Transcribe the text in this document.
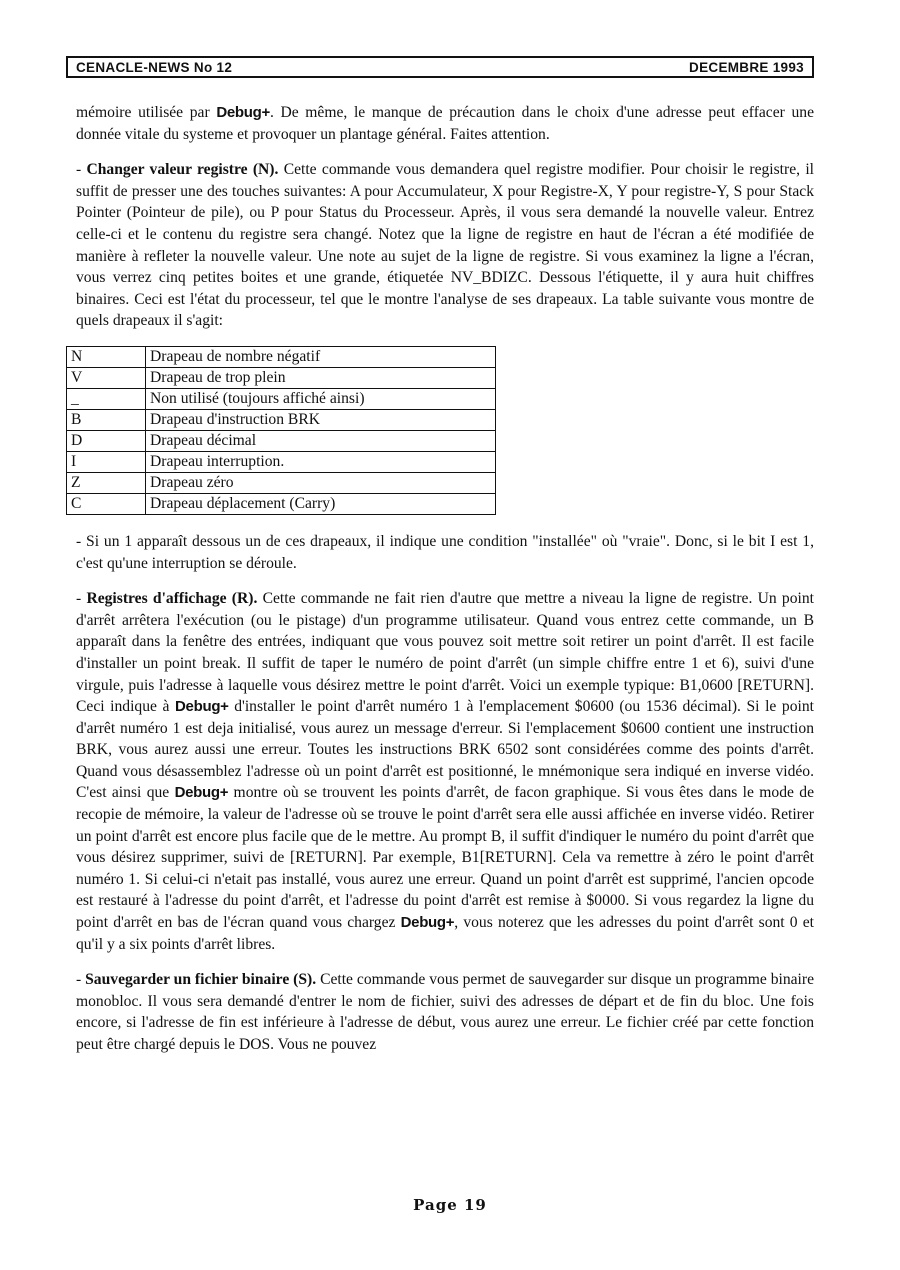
CENACLE-NEWS No 12	DECEMBRE 1993

mémoire utilisée par Debug+. De même, le manque de précaution dans le choix d'une adresse peut effacer une donnée vitale du systeme et provoquer un plantage général. Faites attention.

- Changer valeur registre (N). Cette commande vous demandera quel registre modifier. Pour choisir le registre, il suffit de presser une des touches suivantes: A pour Accumulateur, X pour Registre-X, Y pour registre-Y, S pour Stack Pointer (Pointeur de pile), ou P pour Status du Processeur. Après, il vous sera demandé la nouvelle valeur. Entrez celle-ci et le contenu du registre sera changé. Notez que la ligne de registre en haut de l'écran a été modifiée de manière à refleter la nouvelle valeur. Une note au sujet de la ligne de registre. Si vous examinez la ligne a l'écran, vous verrez cinq petites boites et une grande, étiquetée NV_BDIZC. Dessous l'étiquette, il y aura huit chiffres binaires. Ceci est l'état du processeur, tel que le montre l'analyse de ses drapeaux. La table suivante vous montre de quels drapeaux il s'agit:

N	Drapeau de nombre négatif
V	Drapeau de trop plein
_	Non utilisé (toujours affiché ainsi)
B	Drapeau d'instruction BRK
D	Drapeau décimal
I	Drapeau interruption.
Z	Drapeau zéro
C	Drapeau déplacement (Carry)

- Si un 1 apparaît dessous un de ces drapeaux, il indique une condition "installée" où "vraie". Donc, si le bit I est 1, c'est qu'une interruption se déroule.

- Registres d'affichage (R). Cette commande ne fait rien d'autre que mettre a niveau la ligne de registre. Un point d'arrêt arrêtera l'exécution (ou le pistage) d'un programme utilisateur. Quand vous entrez cette commande, un B apparaît dans la fenêtre des entrées, indiquant que vous pouvez soit mettre soit retirer un point d'arrêt. Il est facile d'installer un point break. Il suffit de taper le numéro de point d'arrêt (un simple chiffre entre 1 et 6), suivi d'une virgule, puis l'adresse à laquelle vous désirez mettre le point d'arrêt. Voici un exemple typique: B1,0600 [RETURN]. Ceci indique à Debug+ d'installer le point d'arrêt numéro 1 à l'emplacement $0600 (ou 1536 décimal). Si le point d'arrêt numéro 1 est deja initialisé, vous aurez un message d'erreur. Si l'emplacement $0600 contient une instruction BRK, vous aurez aussi une erreur. Toutes les instructions BRK 6502 sont considérées comme des points d'arrêt. Quand vous désassemblez l'adresse où un point d'arrêt est positionné, le mnémonique sera indiqué en inverse vidéo. C'est ainsi que Debug+ montre où se trouvent les points d'arrêt, de facon graphique. Si vous êtes dans le mode de recopie de mémoire, la valeur de l'adresse où se trouve le point d'arrêt sera elle aussi affichée en inverse vidéo. Retirer un point d'arrêt est encore plus facile que de le mettre. Au prompt B, il suffit d'indiquer le numéro du point d'arrêt que vous désirez supprimer, suivi de [RETURN]. Par exemple, B1[RETURN]. Cela va remettre à zéro le point d'arrêt numéro 1. Si celui-ci n'etait pas installé, vous aurez une erreur. Quand un point d'arrêt est supprimé, l'ancien opcode est restauré à l'adresse du point d'arrêt, et l'adresse du point d'arrêt est remise à $0000. Si vous regardez la ligne du point d'arrêt en bas de l'écran quand vous chargez Debug+, vous noterez que les adresses du point d'arrêt sont 0 et qu'il y a six points d'arrêt libres.

- Sauvegarder un fichier binaire (S). Cette commande vous permet de sauvegarder sur disque un programme binaire monobloc. Il vous sera demandé d'entrer le nom de fichier, suivi des adresses de départ et de fin du bloc. Une fois encore, si l'adresse de fin est inférieure à l'adresse de début, vous aurez une erreur. Le fichier créé par cette fonction peut être chargé depuis le DOS. Vous ne pouvez

Page 19
